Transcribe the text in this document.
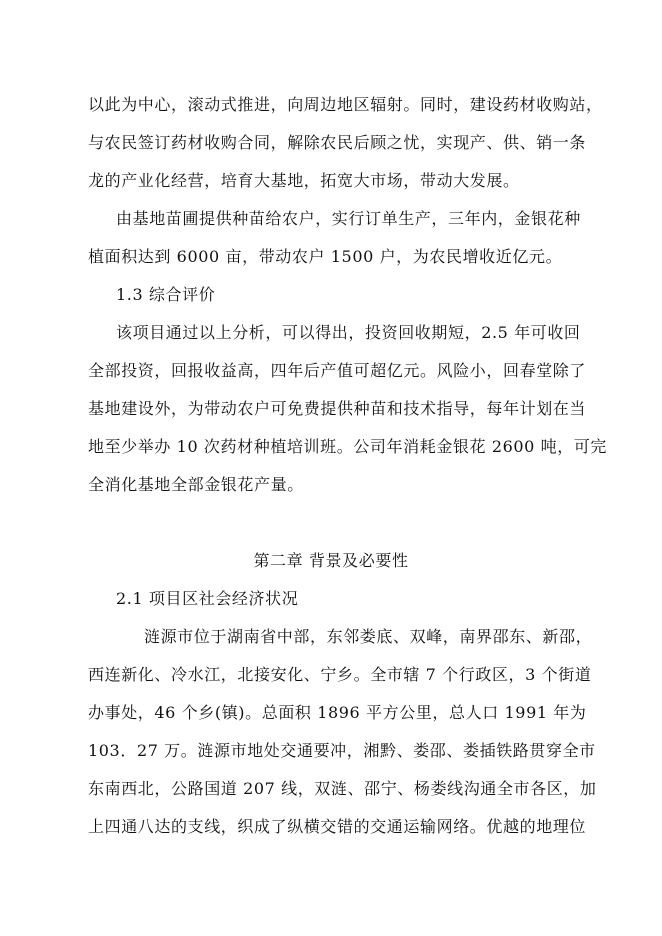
以此为中心，滚动式推进，向周边地区辐射。同时，建设药材收购站，
与农民签订药材收购合同，解除农民后顾之忧，实现产、供、销一条
龙的产业化经营，培育大基地，拓宽大市场，带动大发展。
由基地苗圃提供种苗给农户，实行订单生产，三年内，金银花种
植面积达到 6000 亩，带动农户 1500 户，为农民增收近亿元。
1.3 综合评价
该项目通过以上分析，可以得出，投资回收期短，2.5 年可收回
全部投资，回报收益高，四年后产值可超亿元。风险小，回春堂除了
基地建设外，为带动农户可免费提供种苗和技术指导，每年计划在当
地至少举办 10 次药材种植培训班。公司年消耗金银花 2600 吨，可完
全消化基地全部金银花产量。
第二章 背景及必要性
2.1 项目区社会经济状况
涟源市位于湖南省中部，东邻娄底、双峰，南界邵东、新邵，
西连新化、冷水江，北接安化、宁乡。全市辖 7 个行政区，3 个街道
办事处，46 个乡(镇)。总面积 1896 平方公里，总人口 1991 年为
103．27 万。涟源市地处交通要冲，湘黔、娄邵、娄插铁路贯穿全市
东南西北，公路国道 207 线，双涟、邵宁、杨娄线沟通全市各区，加
上四通八达的支线，织成了纵横交错的交通运输网络。优越的地理位
